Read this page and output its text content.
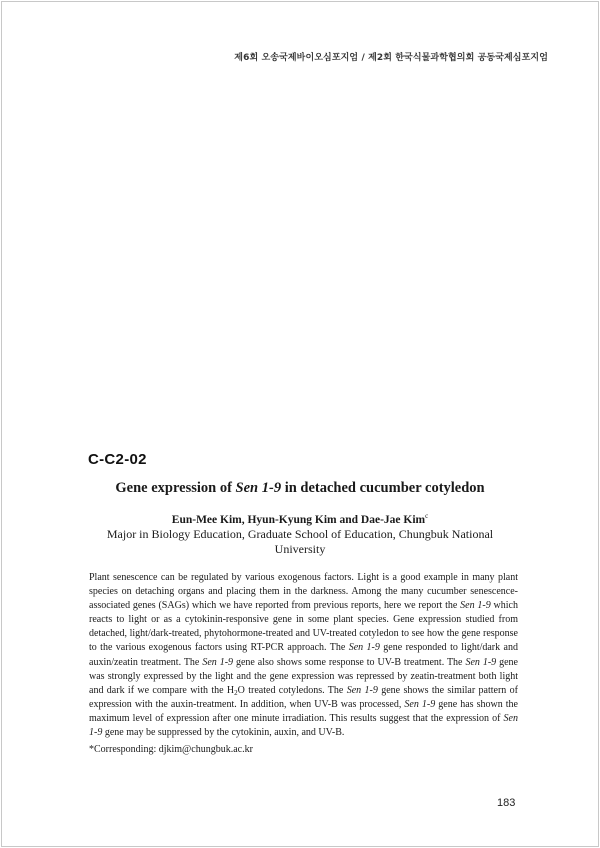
제6회 오송국제바이오심포지엄 / 제2회 한국식물과학협의회 공동국제심포지엄
C-C2-02
Gene expression of Sen 1-9 in detached cucumber cotyledon
Eun-Mee Kim, Hyun-Kyung Kim and Dae-Jae Kim$^c$
Major in Biology Education, Graduate School of Education, Chungbuk National
University
Plant senescence can be regulated by various exogenous factors. Light is a good example in many plant species on detaching organs and placing them in the darkness. Among the many cucumber senescence-associated genes (SAGs) which we have reported from previous reports, here we report the Sen 1-9 which reacts to light or as a cytokinin-responsive gene in some plant species. Gene expression studied from detached, light/dark-treated, phytohormone-treated and UV-treated cotyledon to see how the gene response to the various exogenous factors using RT-PCR approach. The Sen 1-9 gene responded to light/dark and auxin/zeatin treatment. The Sen 1-9 gene also shows some response to UV-B treatment. The Sen 1-9 gene was strongly expressed by the light and the gene expression was repressed by zeatin-treatment both light and dark if we compare with the $H_2O$ treated cotyledons. The Sen 1-9 gene shows the similar pattern of expression with the auxin-treatment. In addition, when UV-B was processed, Sen 1-9 gene has shown the maximum level of expression after one minute irradiation. This results suggest that the expression of Sen 1-9 gene may be suppressed by the cytokinin, auxin, and UV-B.
*Corresponding: djkim@chungbuk.ac.kr
183
